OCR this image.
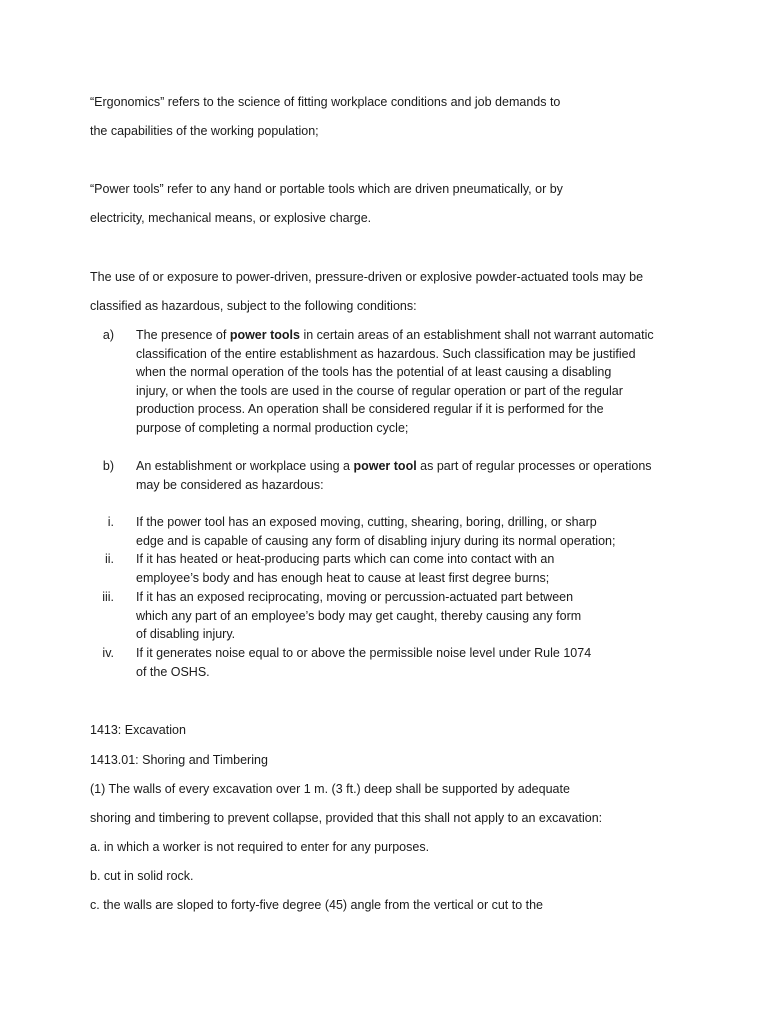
“Ergonomics” refers to the science of fitting workplace conditions and job demands to
the capabilities of the working population;
“Power tools” refer to any hand or portable tools which are driven pneumatically, or by
electricity, mechanical means, or explosive charge.
The use of or exposure to power-driven, pressure-driven or explosive powder-actuated tools may be
classified as hazardous, subject to the following conditions:
a) The presence of power tools in certain areas of an establishment shall not warrant automatic
classification of the entire establishment as hazardous. Such classification may be justified
when the normal operation of the tools has the potential of at least causing a disabling
injury, or when the tools are used in the course of regular operation or part of the regular
production process. An operation shall be considered regular if it is performed for the
purpose of completing a normal production cycle;
b) An establishment or workplace using a power tool as part of regular processes or operations
may be considered as hazardous:
i. If the power tool has an exposed moving, cutting, shearing, boring, drilling, or sharp
edge and is capable of causing any form of disabling injury during its normal operation;
ii. If it has heated or heat-producing parts which can come into contact with an
employee’s body and has enough heat to cause at least first degree burns;
iii. If it has an exposed reciprocating, moving or percussion-actuated part between
which any part of an employee’s body may get caught, thereby causing any form
of disabling injury.
iv. If it generates noise equal to or above the permissible noise level under Rule 1074
of the OSHS.
1413: Excavation
1413.01: Shoring and Timbering
(1) The walls of every excavation over 1 m. (3 ft.) deep shall be supported by adequate
shoring and timbering to prevent collapse, provided that this shall not apply to an excavation:
a. in which a worker is not required to enter for any purposes.
b. cut in solid rock.
c. the walls are sloped to forty-five degree (45) angle from the vertical or cut to the
